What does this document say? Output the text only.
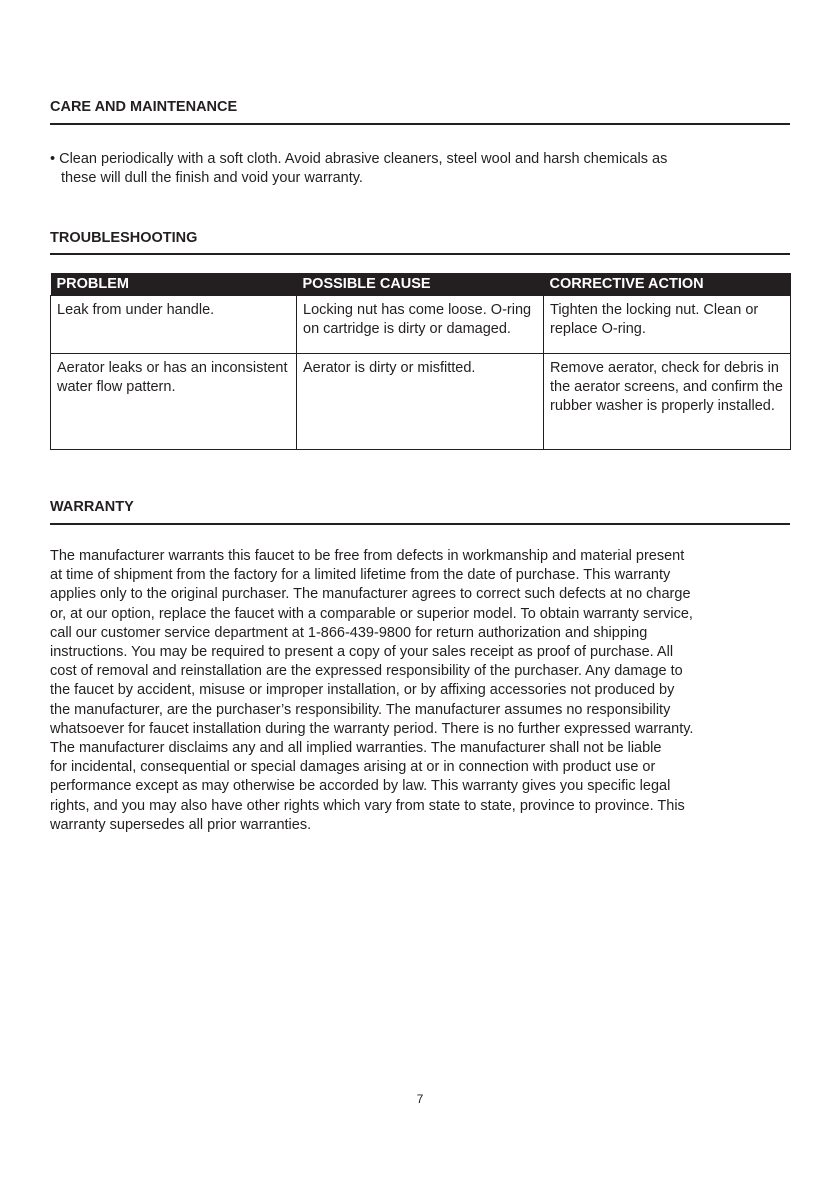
CARE AND MAINTENANCE
• Clean periodically with a soft cloth. Avoid abrasive cleaners, steel wool and harsh chemicals as
these will dull the finish and void your warranty.
TROUBLESHOOTING
PROBLEM	POSSIBLE CAUSE	CORRECTIVE ACTION
Leak from under handle.	Locking nut has come loose. O-ring on cartridge is dirty or damaged.	Tighten the locking nut. Clean or replace O-ring.
Aerator leaks or has an inconsistent water flow pattern.	Aerator is dirty or misfitted.	Remove aerator, check for debris in the aerator screens, and confirm the rubber washer is properly installed.
WARRANTY
The manufacturer warrants this faucet to be free from defects in workmanship and material present
at time of shipment from the factory for a limited lifetime from the date of purchase. This warranty
applies only to the original purchaser. The manufacturer agrees to correct such defects at no charge
or, at our option, replace the faucet with a comparable or superior model. To obtain warranty service,
call our customer service department at 1-866-439-9800 for return authorization and shipping
instructions. You may be required to present a copy of your sales receipt as proof of purchase. All
cost of removal and reinstallation are the expressed responsibility of the purchaser. Any damage to
the faucet by accident, misuse or improper installation, or by affixing accessories not produced by
the manufacturer, are the purchaser’s responsibility. The manufacturer assumes no responsibility
whatsoever for faucet installation during the warranty period. There is no further expressed warranty.
The manufacturer disclaims any and all implied warranties. The manufacturer shall not be liable
for incidental, consequential or special damages arising at or in connection with product use or
performance except as may otherwise be accorded by law. This warranty gives you specific legal
rights, and you may also have other rights which vary from state to state, province to province. This
warranty supersedes all prior warranties.
7
